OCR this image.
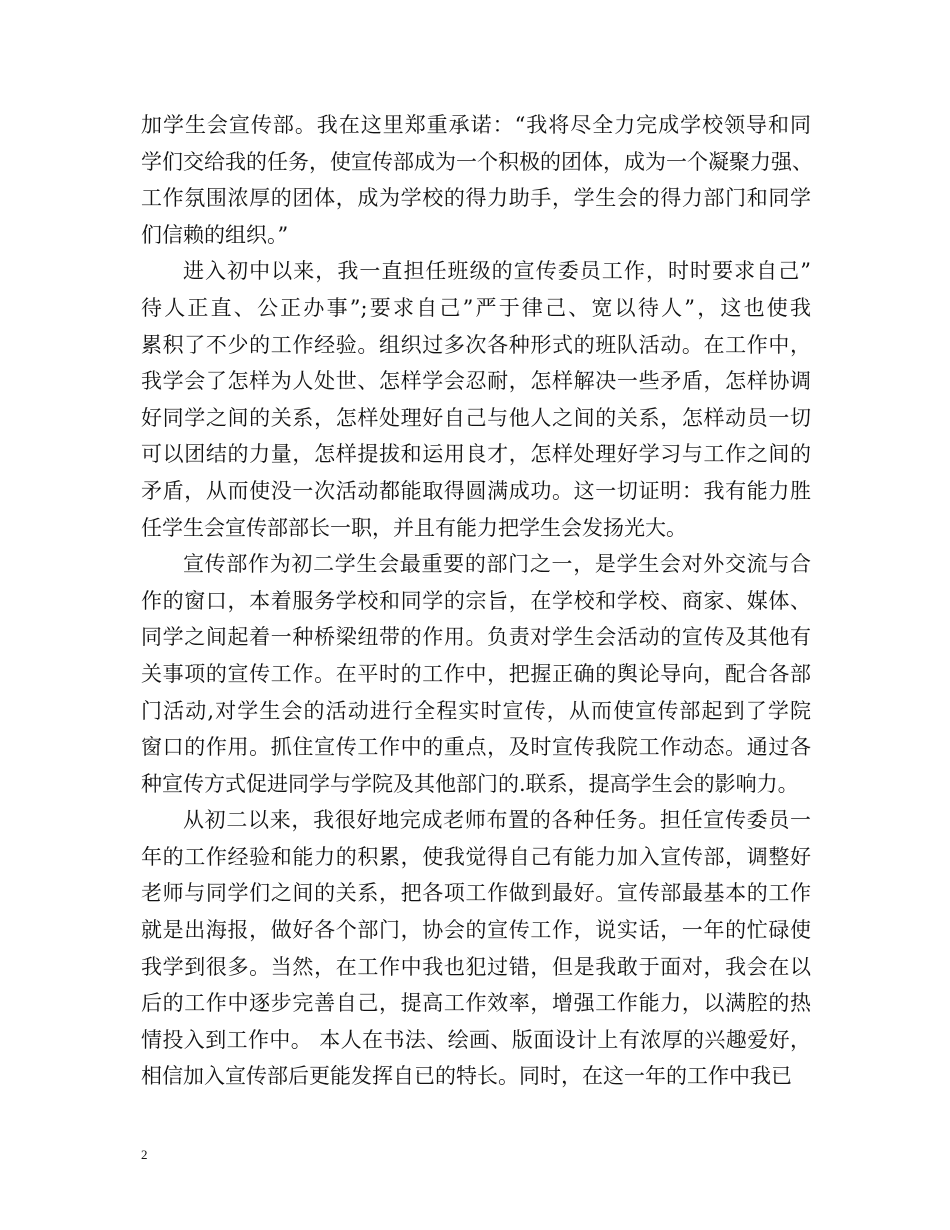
加学生会宣传部。我在这里郑重承诺：“我将尽全力完成学校领导和同
学们交给我的任务，使宣传部成为一个积极的团体，成为一个凝聚力强、
工作氛围浓厚的团体，成为学校的得力助手，学生会的得力部门和同学
们信赖的组织。”
进入初中以来，我一直担任班级的宣传委员工作，时时要求自己”
待人正直、公正办事”;要求自己”严于律己、宽以待人”，这也使我
累积了不少的工作经验。组织过多次各种形式的班队活动。在工作中，
我学会了怎样为人处世、怎样学会忍耐，怎样解决一些矛盾，怎样协调
好同学之间的关系，怎样处理好自己与他人之间的关系，怎样动员一切
可以团结的力量，怎样提拔和运用良才，怎样处理好学习与工作之间的
矛盾，从而使没一次活动都能取得圆满成功。这一切证明：我有能力胜
任学生会宣传部部长一职，并且有能力把学生会发扬光大。
宣传部作为初二学生会最重要的部门之一，是学生会对外交流与合
作的窗口，本着服务学校和同学的宗旨，在学校和学校、商家、媒体、
同学之间起着一种桥梁纽带的作用。负责对学生会活动的宣传及其他有
关事项的宣传工作。在平时的工作中，把握正确的舆论导向，配合各部
门活动,对学生会的活动进行全程实时宣传，从而使宣传部起到了学院
窗口的作用。抓住宣传工作中的重点，及时宣传我院工作动态。通过各
种宣传方式促进同学与学院及其他部门的.联系，提高学生会的影响力。
从初二以来，我很好地完成老师布置的各种任务。担任宣传委员一
年的工作经验和能力的积累，使我觉得自己有能力加入宣传部，调整好
老师与同学们之间的关系，把各项工作做到最好。宣传部最基本的工作
就是出海报，做好各个部门，协会的宣传工作，说实话，一年的忙碌使
我学到很多。当然，在工作中我也犯过错，但是我敢于面对，我会在以
后的工作中逐步完善自己，提高工作效率，增强工作能力，以满腔的热
情投入到工作中。 本人在书法、绘画、版面设计上有浓厚的兴趣爱好，
相信加入宣传部后更能发挥自已的特长。同时，在这一年的工作中我已
2
